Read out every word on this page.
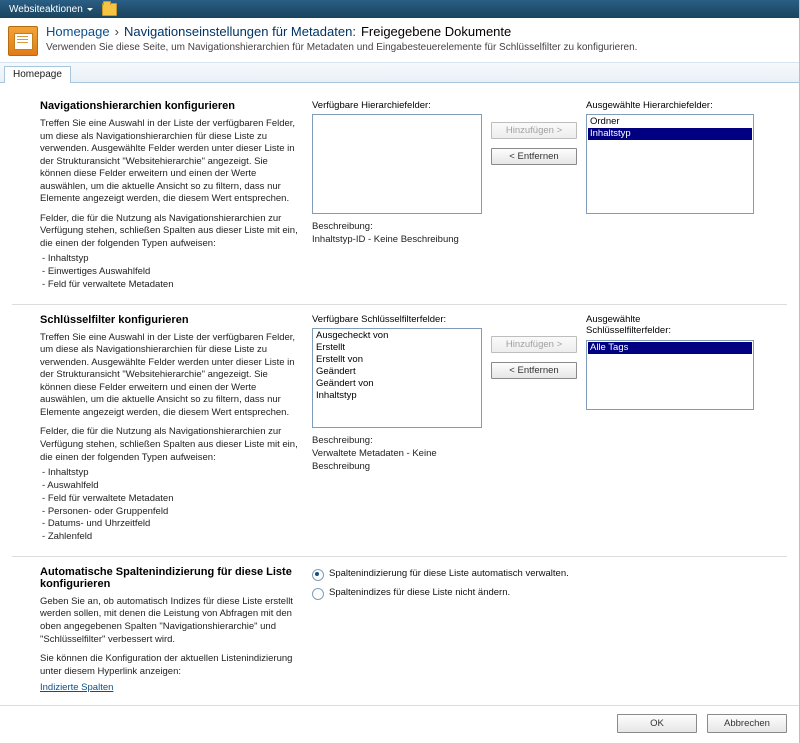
Websiteaktionen
Homepage › Navigationseinstellungen für Metadaten: Freigegebene Dokumente
Verwenden Sie diese Seite, um Navigationshierarchien für Metadaten und Eingabesteuerelemente für Schlüsselfilter zu konfigurieren.
Homepage
Navigationshierarchien konfigurieren
Treffen Sie eine Auswahl in der Liste der verfügbaren Felder, um diese als Navigationshierarchien für diese Liste zu verwenden. Ausgewählte Felder werden unter dieser Liste in der Strukturansicht "Websitehierarchie" angezeigt. Sie können diese Felder erweitern und einen der Werte auswählen, um die aktuelle Ansicht so zu filtern, dass nur Elemente angezeigt werden, die diesem Wert entsprechen.
Felder, die für die Nutzung als Navigationshierarchien zur Verfügung stehen, schließen Spalten aus dieser Liste mit ein, die einen der folgenden Typen aufweisen:
- Inhaltstyp
- Einwertiges Auswahlfeld
- Feld für verwaltete Metadaten
Verfügbare Hierarchiefelder:
Beschreibung:
Inhaltstyp-ID - Keine Beschreibung
Hinzufügen >
< Entfernen
Ausgewählte Hierarchiefelder:
Ordner
Inhaltstyp
Schlüsselfilter konfigurieren
Treffen Sie eine Auswahl in der Liste der verfügbaren Felder, um diese als Navigationshierarchien für diese Liste zu verwenden. Ausgewählte Felder werden unter dieser Liste in der Strukturansicht "Websitehierarchie" angezeigt. Sie können diese Felder erweitern und einen der Werte auswählen, um die aktuelle Ansicht so zu filtern, dass nur Elemente angezeigt werden, die diesem Wert entsprechen.
Felder, die für die Nutzung als Navigationshierarchien zur Verfügung stehen, schließen Spalten aus dieser Liste mit ein, die einen der folgenden Typen aufweisen:
- Inhaltstyp
- Auswahlfeld
- Feld für verwaltete Metadaten
- Personen- oder Gruppenfeld
- Datums- und Uhrzeitfeld
- Zahlenfeld
Verfügbare Schlüsselfilterfelder:
Ausgecheckt von
Erstellt
Erstellt von
Geändert
Geändert von
Inhaltstyp
Beschreibung:
Verwaltete Metadaten - Keine Beschreibung
Hinzufügen >
< Entfernen
Ausgewählte
Schlüsselfilterfelder:
Alle Tags
Automatische Spaltenindizierung für diese Liste konfigurieren
Geben Sie an, ob automatisch Indizes für diese Liste erstellt werden sollen, mit denen die Leistung von Abfragen mit den oben angegebenen Spalten "Navigationshierarchie" und "Schlüsselfilter" verbessert wird.
Sie können die Konfiguration der aktuellen Listenindizierung unter diesem Hyperlink anzeigen:
Indizierte Spalten
Spaltenindizierung für diese Liste automatisch verwalten.
Spaltenindizes für diese Liste nicht ändern.
OK	Abbrechen
